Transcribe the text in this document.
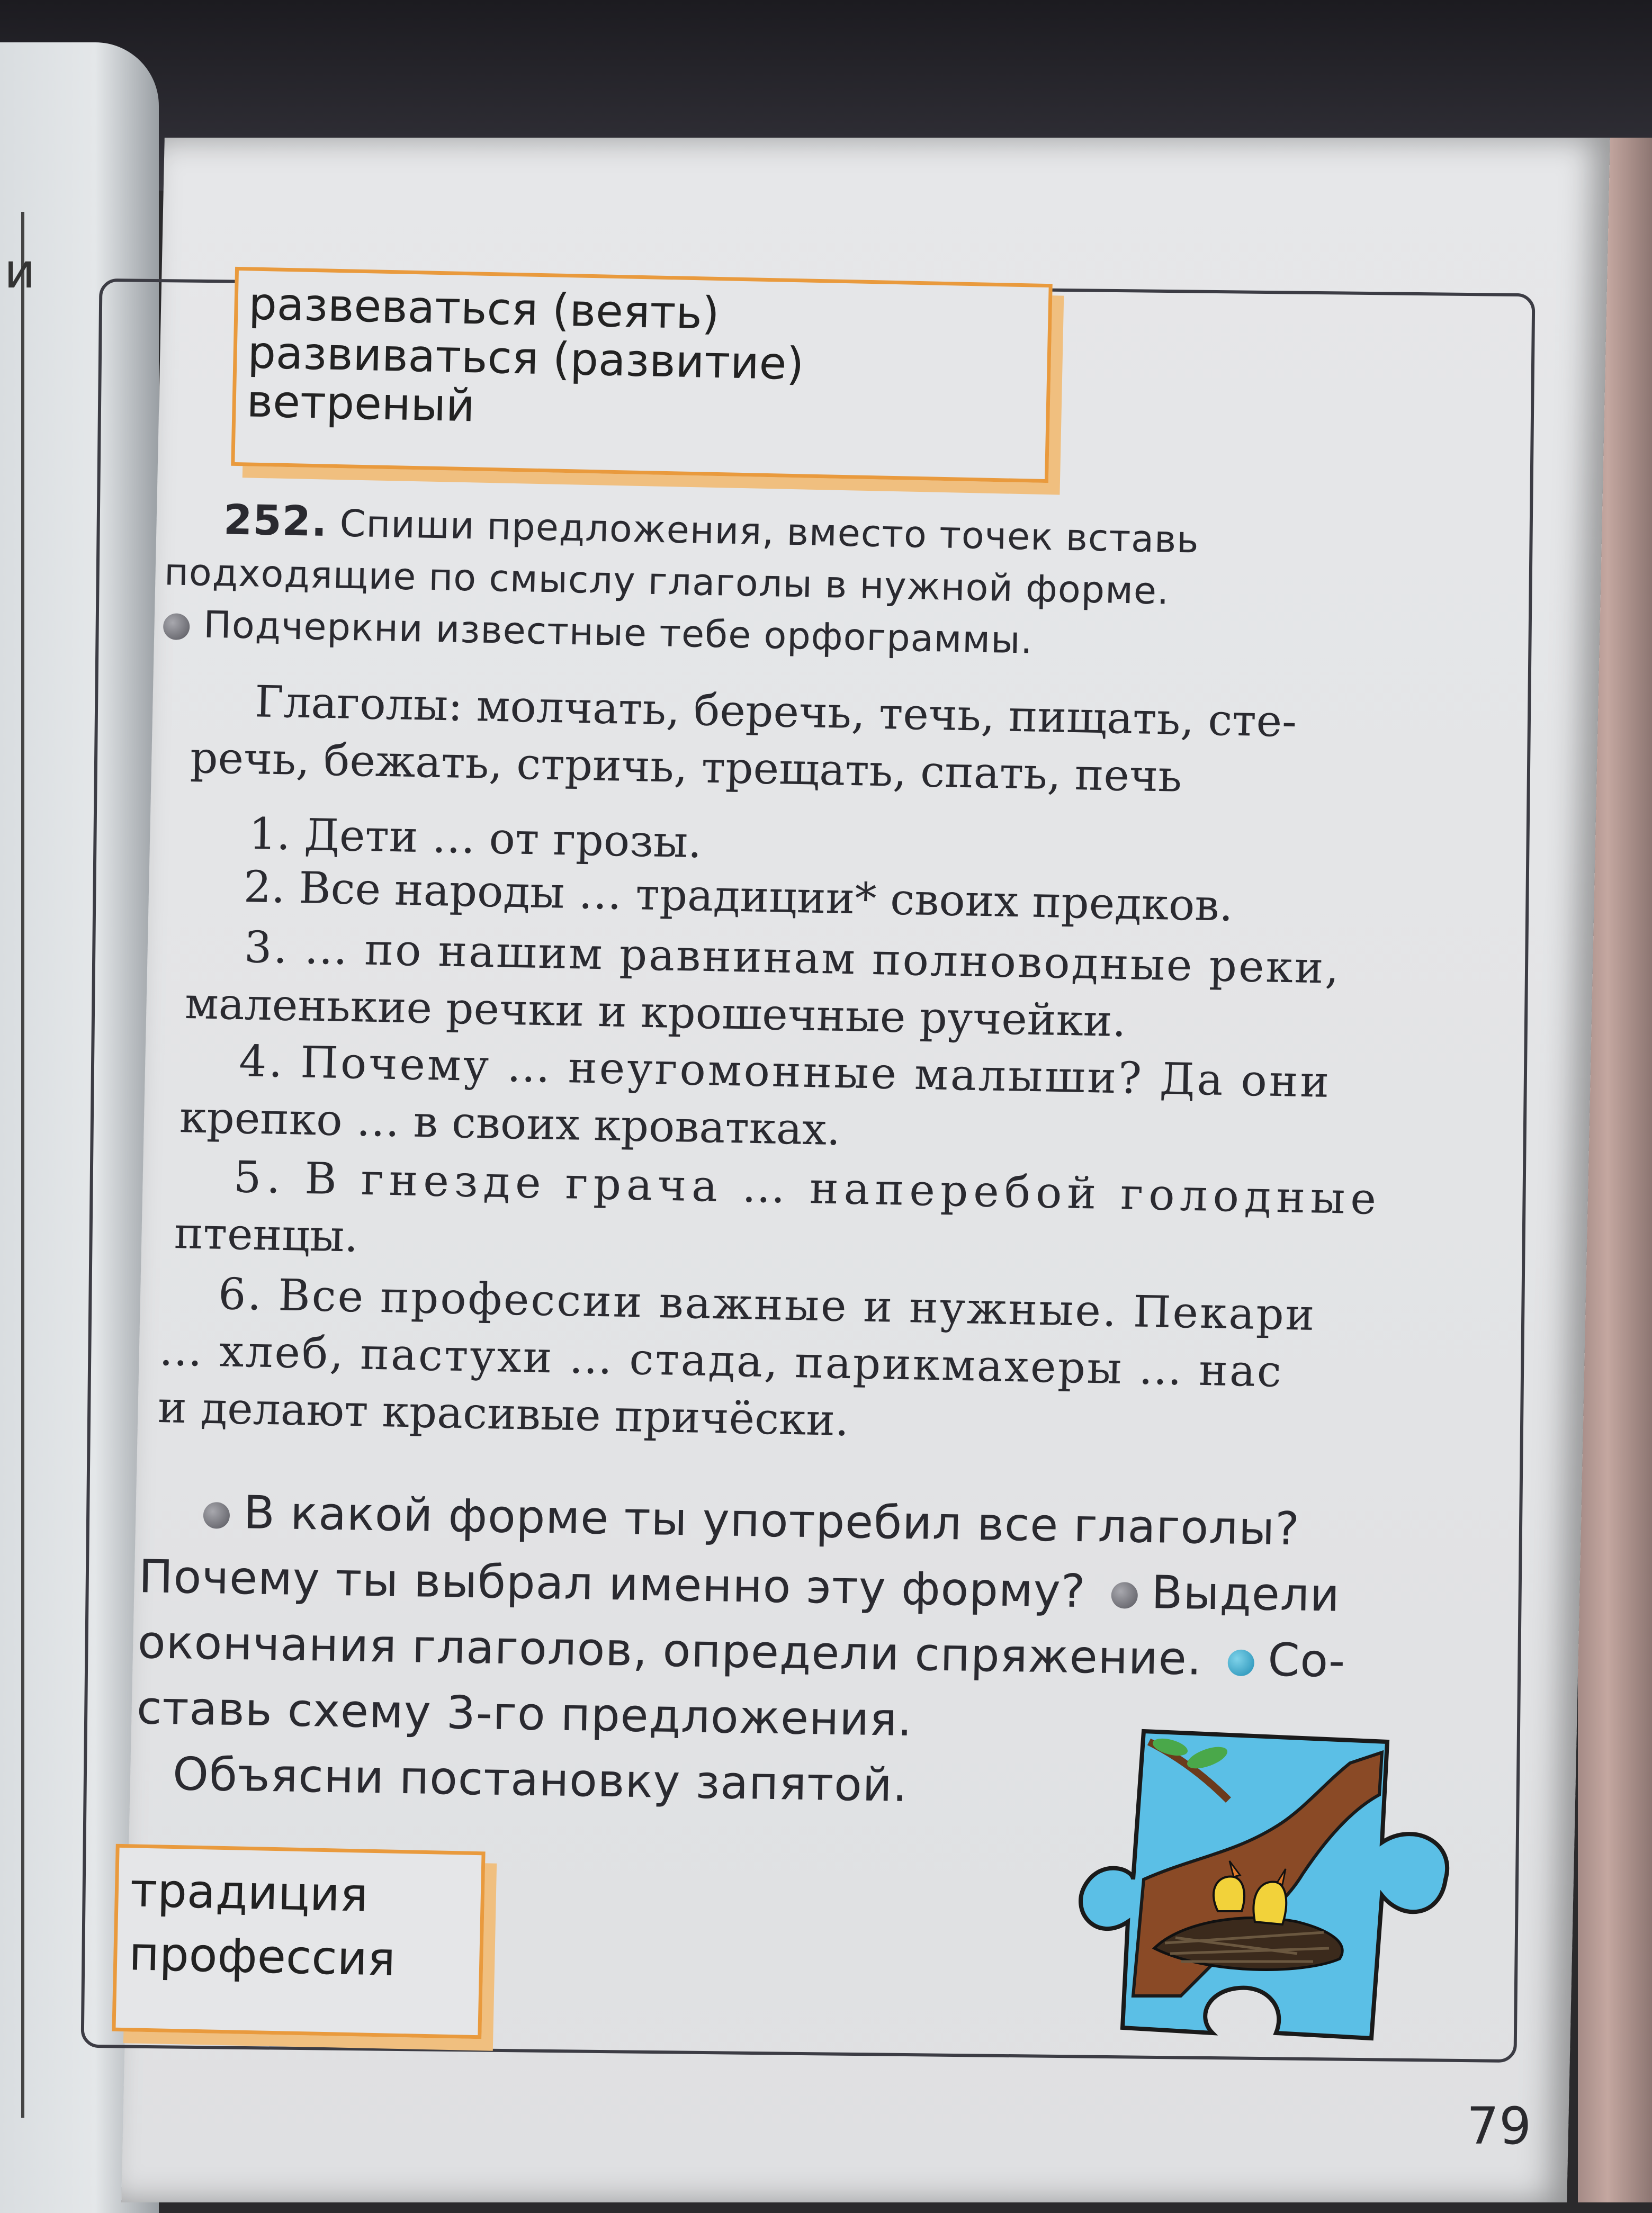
и
развеваться (веять)
развиваться (развитие)
ветреный
252. Спиши предложения, вместо точек вставь
подходящие по смыслу глаголы в нужной форме.
Подчеркни известные тебе орфограммы.
Глаголы: молчать, беречь, течь, пищать, сте-
речь, бежать, стричь, трещать, спать, печь
1. Дети … от грозы.
2. Все народы … традиции* своих предков.
3. … по нашим равнинам полноводные реки,
маленькие речки и крошечные ручейки.
4. Почему … неугомонные малыши? Да они
крепко … в своих кроватках.
5. В гнезде грача … наперебой голодные
птенцы.
6. Все профессии важные и нужные. Пекари
… хлеб, пастухи … стада, парикмахеры … нас
и делают красивые причёски.
В какой форме ты употребил все глаголы?
Почему ты выбрал именно эту форму? Выдели
окончания глаголов, определи спряжение. Со-
ставь схему 3-го предложения.
Объясни постановку запятой.
традиция
профессия
79
